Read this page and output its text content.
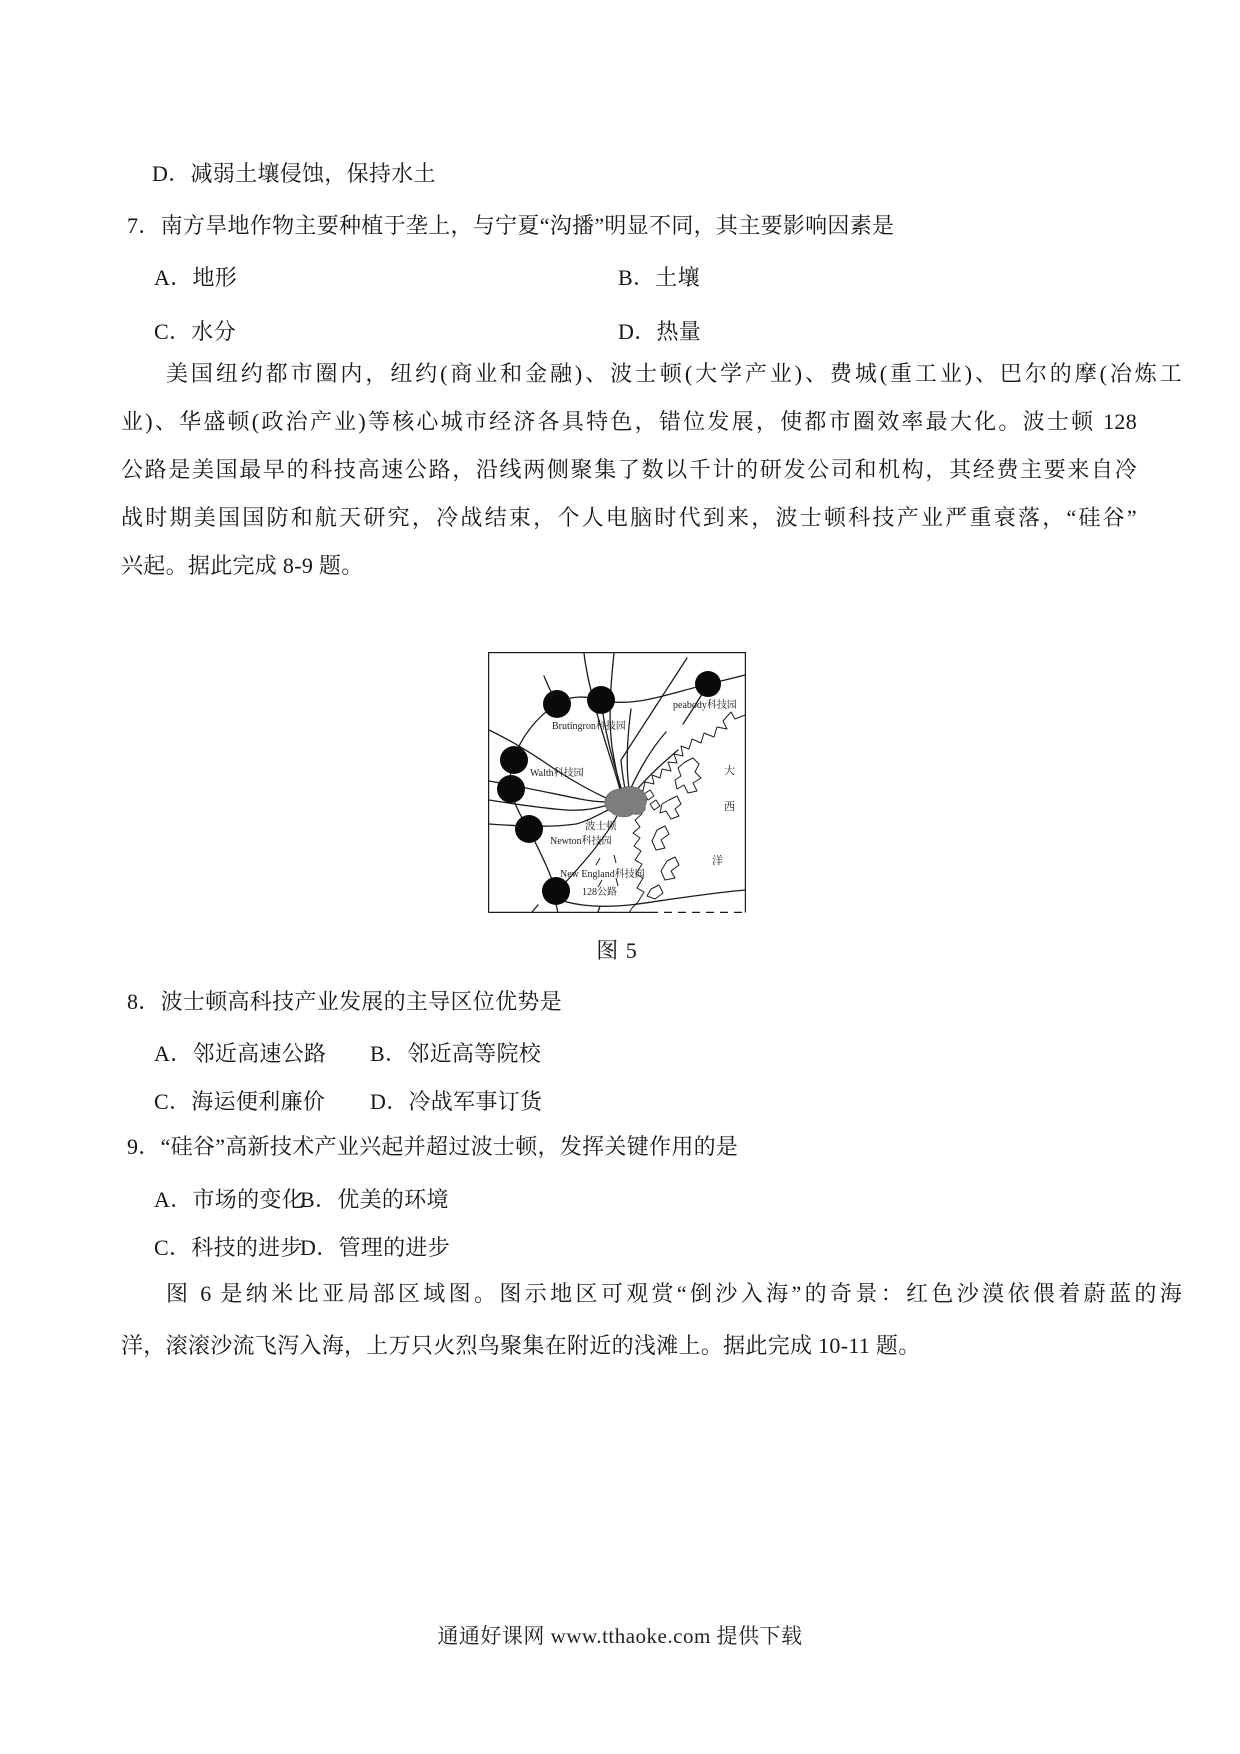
D．减弱土壤侵蚀，保持水土
7．南方旱地作物主要种植于垄上，与宁夏“沟播”明显不同，其主要影响因素是
A．地形	B．土壤
C．水分	D．热量
美国纽约都市圈内，纽约(商业和金融)、波士顿(大学产业)、费城(重工业)、巴尔的摩(冶炼工
业)、华盛顿(政治产业)等核心城市经济各具特色，错位发展，使都市圈效率最大化。波士顿 128
公路是美国最早的科技高速公路，沿线两侧聚集了数以千计的研发公司和机构，其经费主要来自冷
战时期美国国防和航天研究，冷战结束，个人电脑时代到来，波士顿科技产业严重衰落，“硅谷”
兴起。据此完成 8-9 题。
Brutingron科技园
Walth科技园
peabody科技园
波士顿
Newton科技园
New England科技园
128公路
大
西
洋
图 5
8．波士顿高科技产业发展的主导区位优势是
A．邻近高速公路 B．邻近高等院校
C．海运便利廉价 D．冷战军事订货
9．“硅谷”高新技术产业兴起并超过波士顿，发挥关键作用的是
A．市场的变化
B．优美的环境
C．科技的进步
D．管理的进步
图 6 是纳米比亚局部区域图。图示地区可观赏“倒沙入海”的奇景：红色沙漠依偎着蔚蓝的海
洋，滚滚沙流飞泻入海，上万只火烈鸟聚集在附近的浅滩上。据此完成 10-11 题。
通通好课网 www.tthaoke.com 提供下载
